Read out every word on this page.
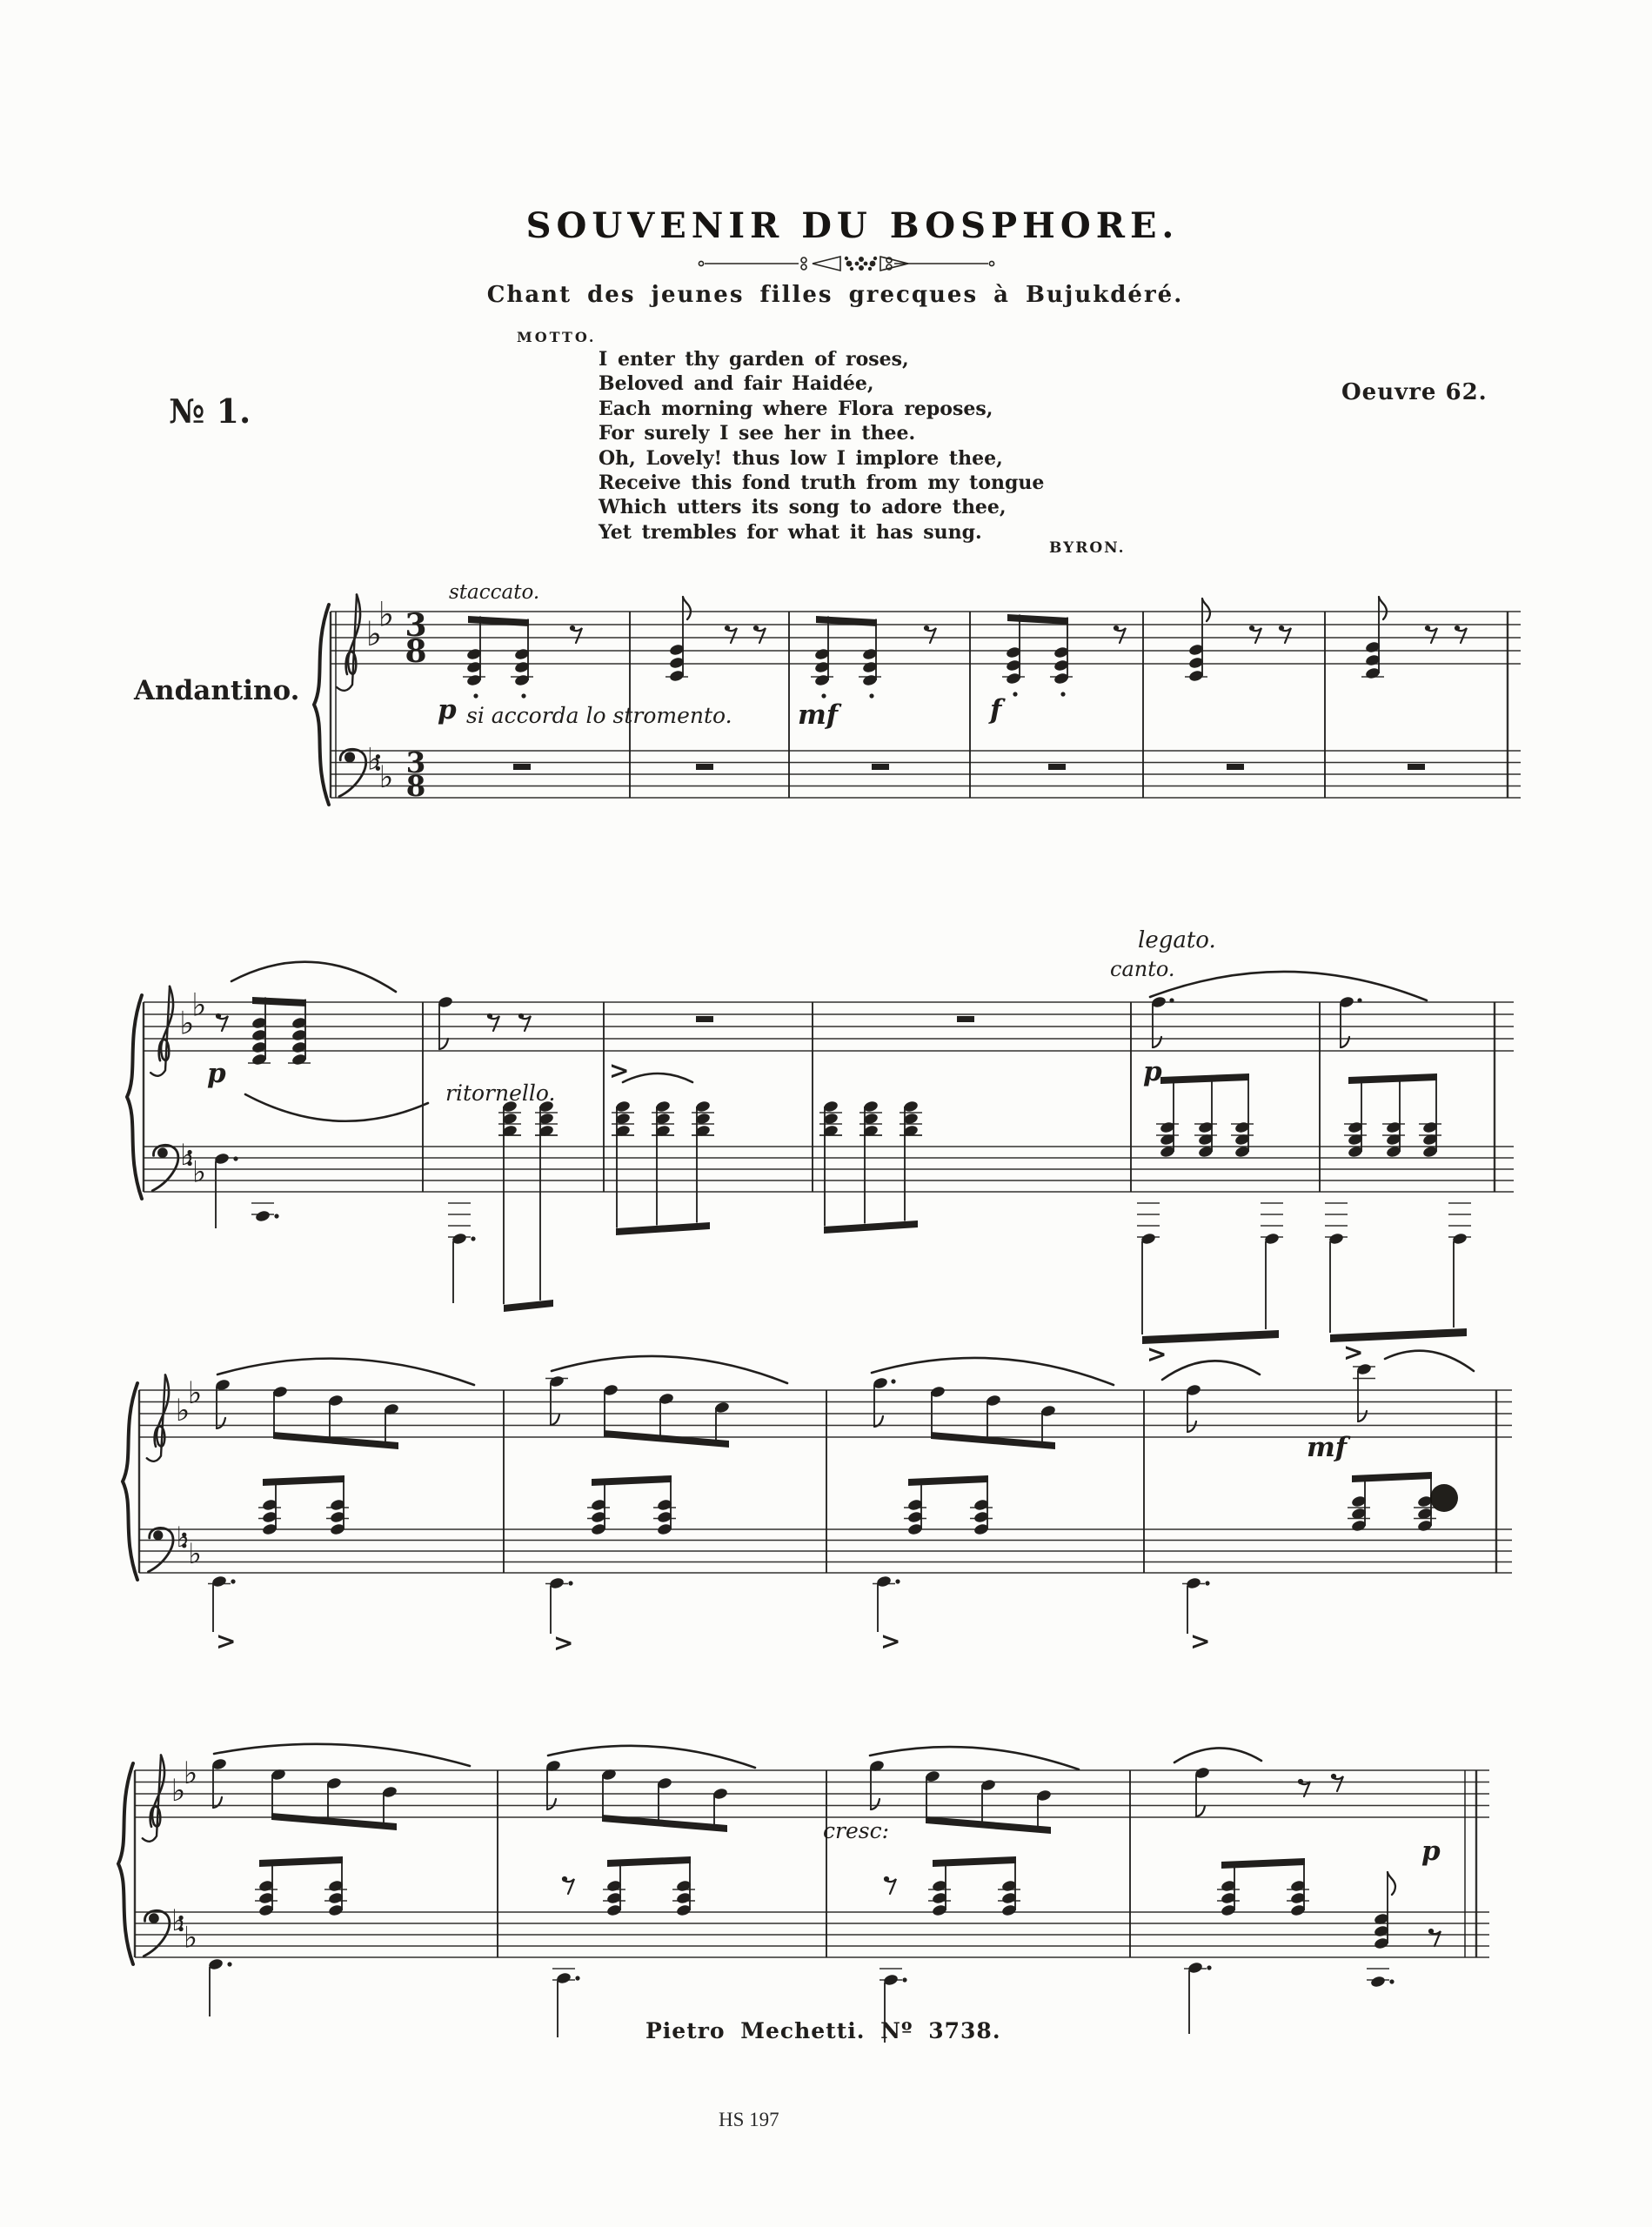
SOUVENIR DU BOSPHORE.
Chant des jeunes filles grecques à Bujukdéré.
MOTTO.
№ 1.	Oeuvre 62.
I enter thy garden of roses,
Beloved and fair Haidée,
Each morning where Flora reposes,
For surely I see her in thee.
Oh, Lovely! thus low I implore thee,
Receive this fond truth from my tongue
Which utters its song to adore thee,
Yet trembles for what it has sung.
BYRON.
Andantino.
♭
♭
♭
♭
3
8
3
8
♭
♭
♭
♭
>
>	>
♭
♭
♭
♭
>	>	>	>
♭
♭
♭
♭
staccato.
p si accorda lo stromento. mf	f
p
ritornello.
legato.
canto.
p
mf
cresc:
p
Pietro Mechetti. Nº 3738.
HS 197
